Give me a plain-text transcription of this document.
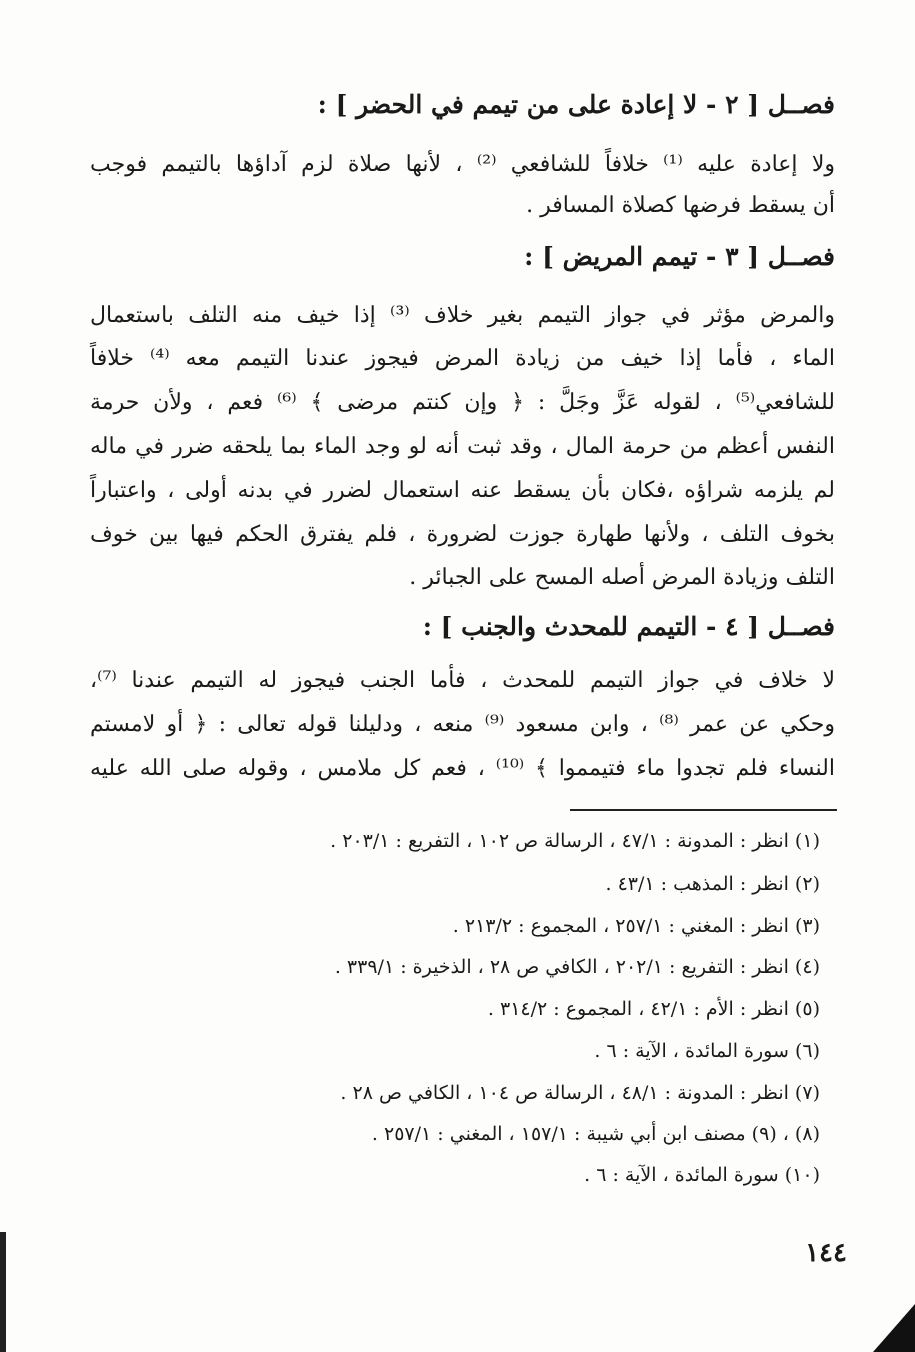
فصــل [ ٢ - لا إعادة على من تيمم في الحضر ] :
ولا إعادة عليه ⁽¹⁾ خلافاً للشافعي ⁽²⁾ ، لأنها صلاة لزم آداؤها بالتيمم فوجب
أن يسقط فرضها كصلاة المسافر .
فصــل [ ٣ - تيمم المريض ] :
والمرض مؤثر في جواز التيمم بغير خلاف ⁽³⁾ إذا خيف منه التلف باستعمال
الماء ، فأما إذا خيف من زيادة المرض فيجوز عندنا التيمم معه ⁽⁴⁾ خلافاً
للشافعي⁽⁵⁾ ، لقوله عَزَّ وجَلَّ : ﴿ وإن كنتم مرضى ﴾ ⁽⁶⁾ فعم ، ولأن حرمة
النفس أعظم من حرمة المال ، وقد ثبت أنه لو وجد الماء بما يلحقه ضرر في ماله
لم يلزمه شراؤه ،فكان بأن يسقط عنه استعمال لضرر في بدنه أولى ، واعتباراً
بخوف التلف ، ولأنها طهارة جوزت لضرورة ، فلم يفترق الحكم فيها بين خوف
التلف وزيادة المرض أصله المسح على الجبائر .
فصــل [ ٤ - التيمم للمحدث والجنب ] :
لا خلاف في جواز التيمم للمحدث ، فأما الجنب فيجوز له التيمم عندنا ⁽⁷⁾،
وحكي عن عمر ⁽⁸⁾ ، وابن مسعود ⁽⁹⁾ منعه ، ودليلنا قوله تعالى : ﴿ أو لامستم
النساء فلم تجدوا ماء فتيمموا ﴾ ⁽¹⁰⁾ ، فعم كل ملامس ، وقوله صلى الله عليه
(١) انظر : المدونة : ٤٧/١ ، الرسالة ص ١٠٢ ، التفريع : ٢٠٣/١ .
(٢) انظر : المذهب : ٤٣/١ .
(٣) انظر : المغني : ٢٥٧/١ ، المجموع : ٢١٣/٢ .
(٤) انظر : التفريع : ٢٠٢/١ ، الكافي ص ٢٨ ، الذخيرة : ٣٣٩/١ .
(٥) انظر : الأم : ٤٢/١ ، المجموع : ٣١٤/٢ .
(٦) سورة المائدة ، الآية : ٦ .
(٧) انظر : المدونة : ٤٨/١ ، الرسالة ص ١٠٤ ، الكافي ص ٢٨ .
(٨) ، (٩) مصنف ابن أبي شيبة : ١٥٧/١ ، المغني : ٢٥٧/١ .
(١٠) سورة المائدة ، الآية : ٦ .
١٤٤
